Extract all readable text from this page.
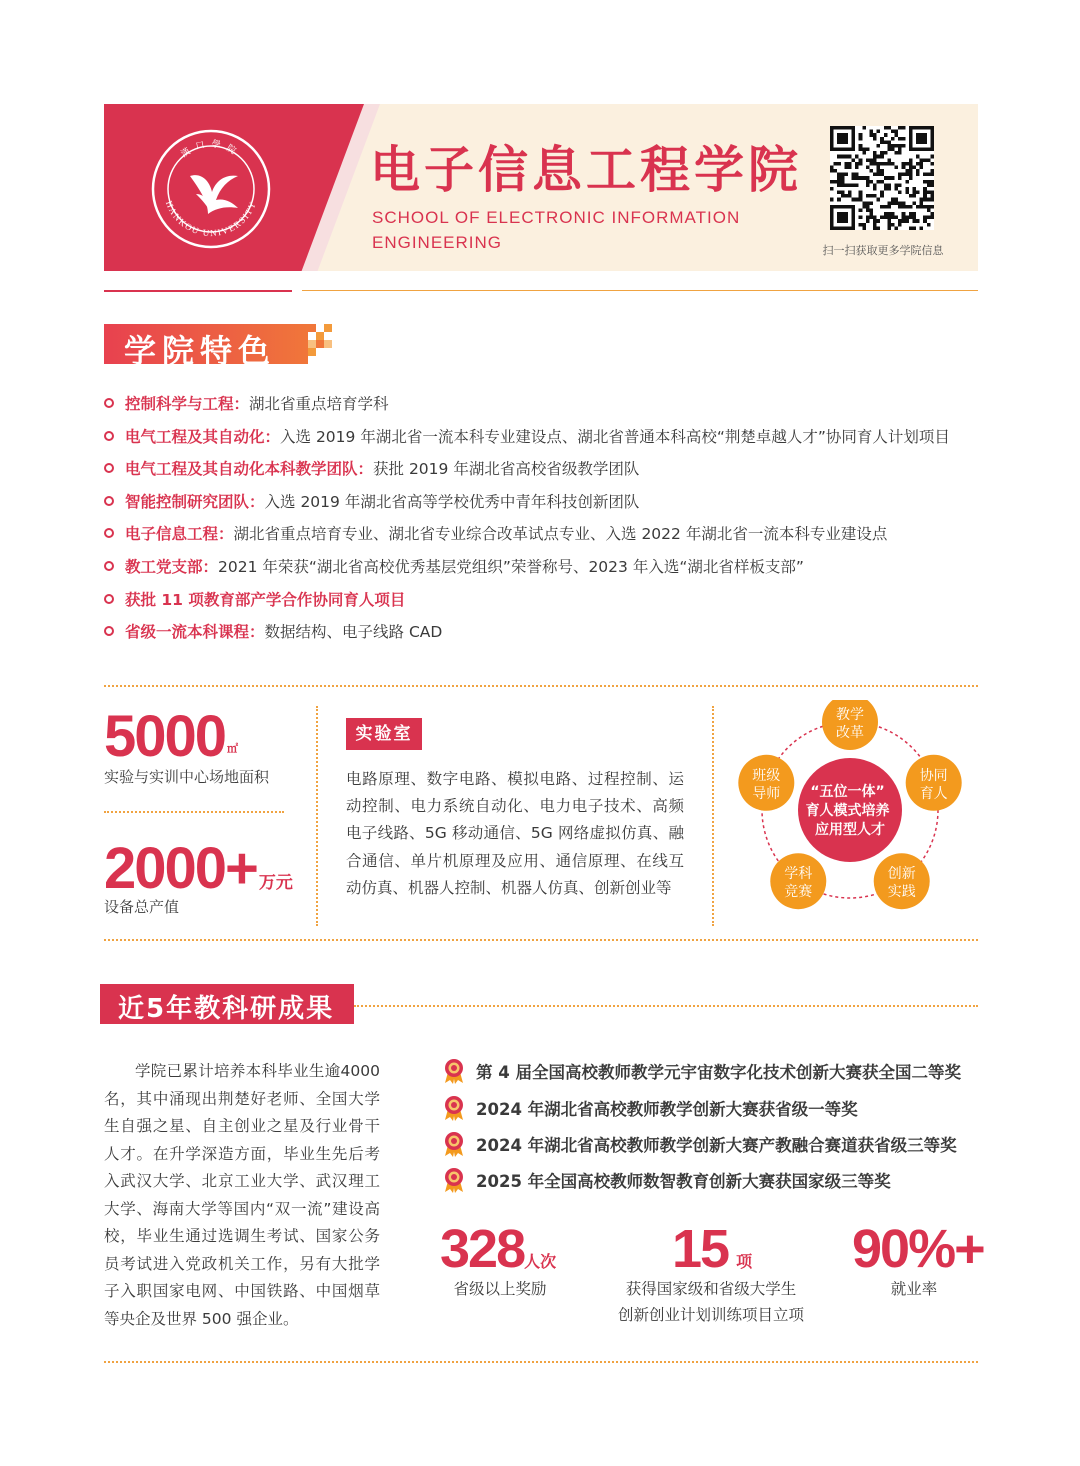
HANKOU UNIVERSITY
漢口學院	电子信息工程学院
SCHOOL OF ELECTRONIC INFORMATION ENGINEERING	扫一扫获取更多学院信息
学院特色
控制科学与工程：湖北省重点培育学科
电气工程及其自动化：入选 2019 年湖北省一流本科专业建设点、湖北省普通本科高校“荆楚卓越人才”协同育人计划项目
电气工程及其自动化本科教学团队：获批 2019 年湖北省高校省级教学团队
智能控制研究团队：入选 2019 年湖北省高等学校优秀中青年科技创新团队
电子信息工程：湖北省重点培育专业、湖北省专业综合改革试点专业、入选 2022 年湖北省一流本科专业建设点
教工党支部：2021 年荣获“湖北省高校优秀基层党组织”荣誉称号、2023 年入选“湖北省样板支部”
获批 11 项教育部产学合作协同育人项目
省级一流本科课程：数据结构、电子线路 CAD
5000 ㎡
实验与实训中心场地面积
2000+ 万元
设备总产值
实验室
电路原理、数字电路、模拟电路、过程控制、运动控制、电力系统自动化、电力电子技术、高频电子线路、5G 移动通信、5G 网络虚拟仿真、融合通信、单片机原理及应用、通信原理、在线互动仿真、机器人控制、机器人仿真、创新创业等
“五位一体” 育人模式培养 应用型人才
教学改革
协同育人
创新实践
学科竞赛
班级导师
近5年教科研成果
学院已累计培养本科毕业生逾4000 名，其中涌现出荆楚好老师、全国大学生自强之星、自主创业之星及行业骨干人才。在升学深造方面，毕业生先后考入武汉大学、北京工业大学、武汉理工大学、海南大学等国内“双一流”建设高校，毕业生通过选调生考试、国家公务员考试进入党政机关工作，另有大批学子入职国家电网、中国铁路、中国烟草等央企及世界 500 强企业。
第 4 届全国高校教师教学元宇宙数字化技术创新大赛获全国二等奖
2024 年湖北省高校教师教学创新大赛获省级一等奖
2024 年湖北省高校教师教学创新大赛产教融合赛道获省级三等奖
2025 年全国高校教师数智教育创新大赛获国家级三等奖
328人次
省级以上奖励
15 项
获得国家级和省级大学生
创新创业计划训练项目立项
90%+
就业率
